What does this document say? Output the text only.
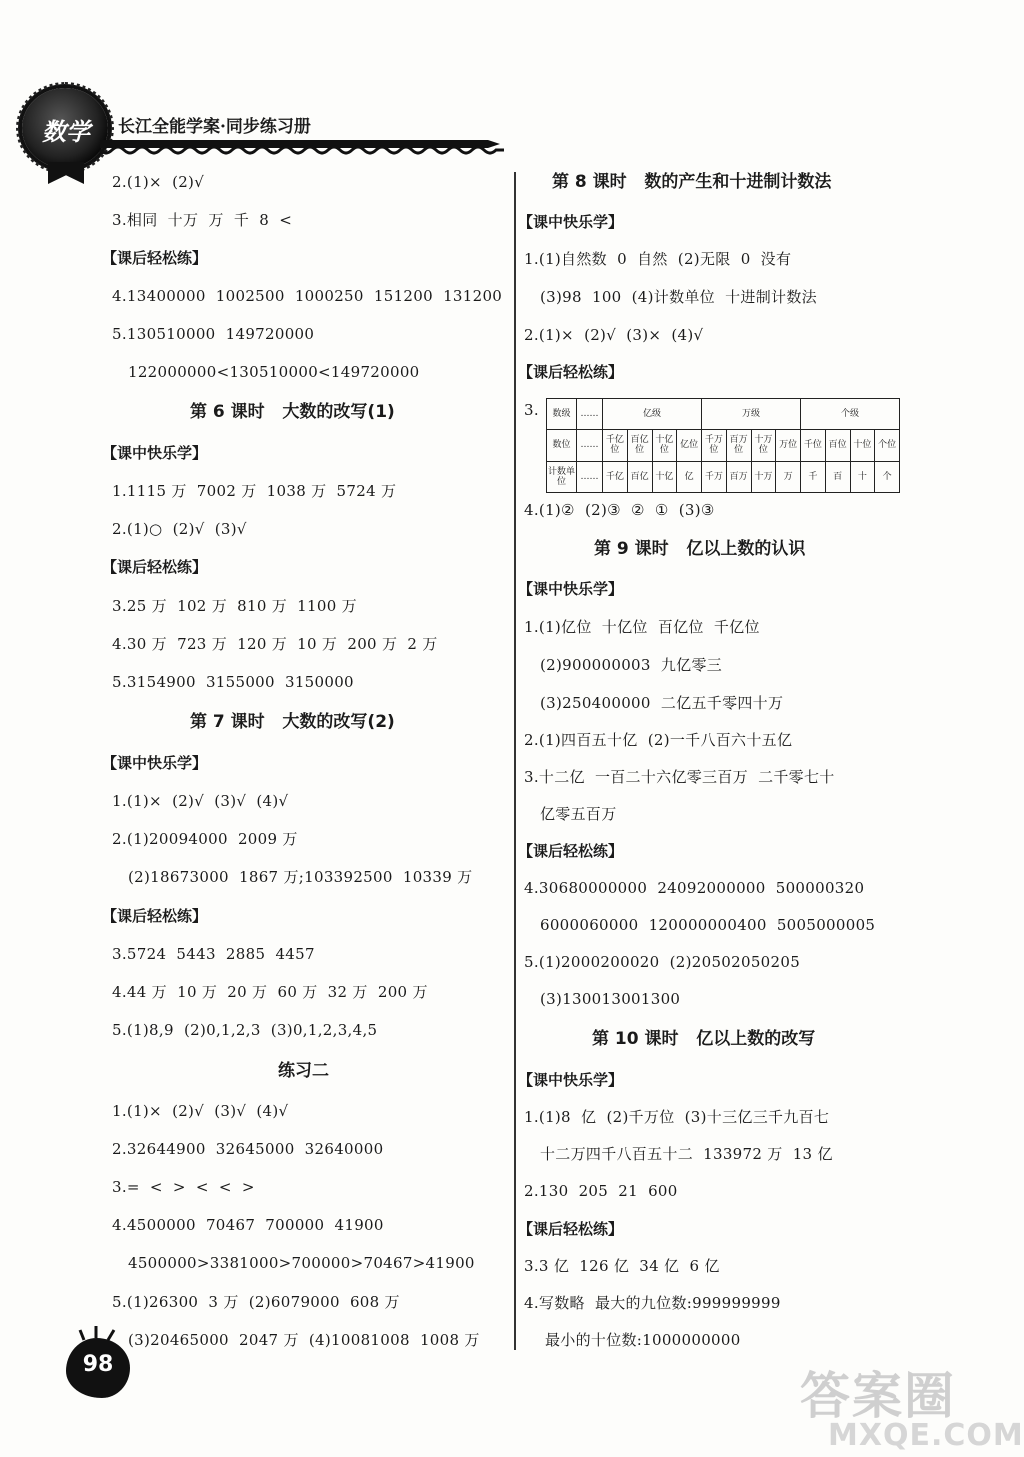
数学	长江全能学案·同步练习册
2.(1)×  (2)√
3.相同  十万  万  千  8  <
【课后轻松练】
4.13400000  1002500  1000250  151200  131200
5.130510000  149720000
122000000<130510000<149720000
第 6 课时   大数的改写(1)
【课中快乐学】
1.1115 万  7002 万  1038 万  5724 万
2.(1)○  (2)√  (3)√
【课后轻松练】
3.25 万  102 万  810 万  1100 万
4.30 万  723 万  120 万  10 万  200 万  2 万
5.3154900  3155000  3150000
第 7 课时   大数的改写(2)
【课中快乐学】
1.(1)×  (2)√  (3)√  (4)√
2.(1)20094000  2009 万
(2)18673000  1867 万;103392500  10339 万
【课后轻松练】
3.5724  5443  2885  4457
4.44 万  10 万  20 万  60 万  32 万  200 万
5.(1)8,9  (2)0,1,2,3  (3)0,1,2,3,4,5
练习二
1.(1)×  (2)√  (3)√  (4)√
2.32644900  32645000  32640000
3.=  <  >  <  <  >
4.4500000  70467  700000  41900
4500000>3381000>700000>70467>41900
5.(1)26300  3 万  (2)6079000  608 万
(3)20465000  2047 万  (4)10081008  1008 万
第 8 课时   数的产生和十进制计数法
【课中快乐学】
1.(1)自然数  0  自然  (2)无限  0  没有
(3)98  100  (4)计数单位  十进制计数法
2.(1)×  (2)√  (3)×  (4)√
【课后轻松练】
3. 数级	……	亿级				万级				个级			
数位	……	千亿位	百亿位	十亿位	亿位	千万位	百万位	十万位	万位	千位	百位	十位	个位
计数单位	……	千亿	百亿	十亿	亿	千万	百万	十万	万	千	百	十	个
4.(1)②  (2)③  ②  ①  (3)③
第 9 课时   亿以上数的认识
【课中快乐学】
1.(1)亿位  十亿位  百亿位  千亿位
(2)900000003  九亿零三
(3)250400000  二亿五千零四十万
2.(1)四百五十亿  (2)一千八百六十五亿
3.十二亿  一百二十六亿零三百万  二千零七十
亿零五百万
【课后轻松练】
4.30680000000  24092000000  500000320
6000060000  120000000400  5005000005
5.(1)2000200020  (2)20502050205
(3)130013001300
第 10 课时   亿以上数的改写
【课中快乐学】
1.(1)8  亿  (2)千万位  (3)十三亿三千九百七
十二万四千八百五十二  133972 万  13 亿
2.130  205  21  600
【课后轻松练】
3.3 亿  126 亿  34 亿  6 亿
4.写数略  最大的九位数:999999999
最小的十位数:1000000000
98
答案圈
MXQE.COM
